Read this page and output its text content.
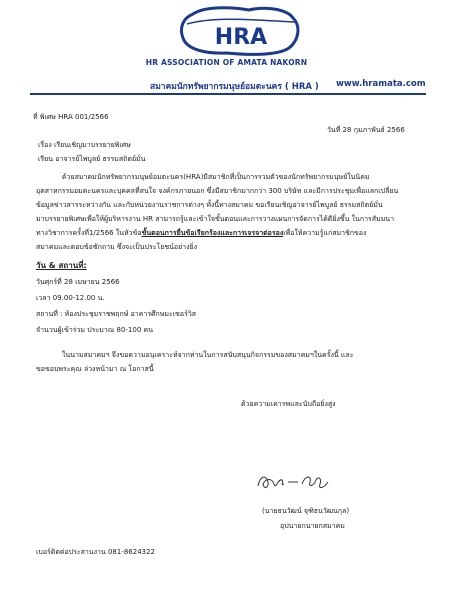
HRA
HR ASSOCIATION OF AMATA NAKORN
สมาคมนักทรัพยากรมนุษย์อมตะนคร ( HRA ) www.hramata.com
ที่ พิเศษ HRA 001/2566
วันที่ 28 กุมภาพันธ์ 2566
เรื่อง เรียนเชิญมาบรรยายพิเศษ
เรียน อาจารย์ไพบูลย์ ธรรมสถิตย์มั่น
ด้วยสมาคมนักทรัพยากรมนุษย์อมตะนคร(HRA)มีสมาชิกที่เป็นการรวมตัวของนักทรัพยากรมนุษย์ในนิคม
อุตสาหกรรมอมตะนครและบุคคลที่สนใจ จงค์กรภายนอก ซึ่งมีสมาชิกมากกว่า 300 บริษัท และมีการประชุมเพื่อแลกเปลี่ยน
ข้อมูลข่าวสารระหว่างกัน และกับหน่วยงานราชการต่างๆ ทั้งนี้ทางสมาคม ขอเรียนเชิญอาจารย์ไพบูลย์ ธรรมสถิตย์มั่น
มาบรรยายพิเศษเพื่อให้ผู้บริหารงาน HR สามารถรู้และเข้าใจขั้นตอนและการวางแผนการจัดการได้ดียิ่งขึ้น ในการสัมมนา
ทางวิชาการครั้งที่1/2566 ในหัวข้อขั้นตอนการยื่นข้อเรียกร้องและการเจรจาต่อรองเพื่อให้ความรู้แก่สมาชิกของ
สมาคมและตอบข้อซักถาม ซึ่งจะเป็นประโยชน์อย่างยิ่ง
วัน & สถานที่:
วันศุกร์ที่ 28 เมษายน 2566
เวลา 09.00-12.00 น.
สถานที่ : ห้องประชุมราชพฤกษ์ อาคารศึกษมะเซอร์วิส
จำนวนผู้เข้าร่วม ประมาณ 80-100 คน
ในนามสมาคมฯ จึงขอความอนุเคราะห์จากท่านในการสนับสนุนกิจกรรมของสมาคมฯในครั้งนี้ และ
ขอขอบพระคุณ ล่วงหน้ามา ณ โอกาสนี้
ด้วยความเคารพและนับถือยิ่งสูง
(นายธนวัฒน์ จุฑิธนวัฒนกุล)
อุปนายกนายกสมาคม
เบอร์ติดต่อประสานงาน 081-8624322
